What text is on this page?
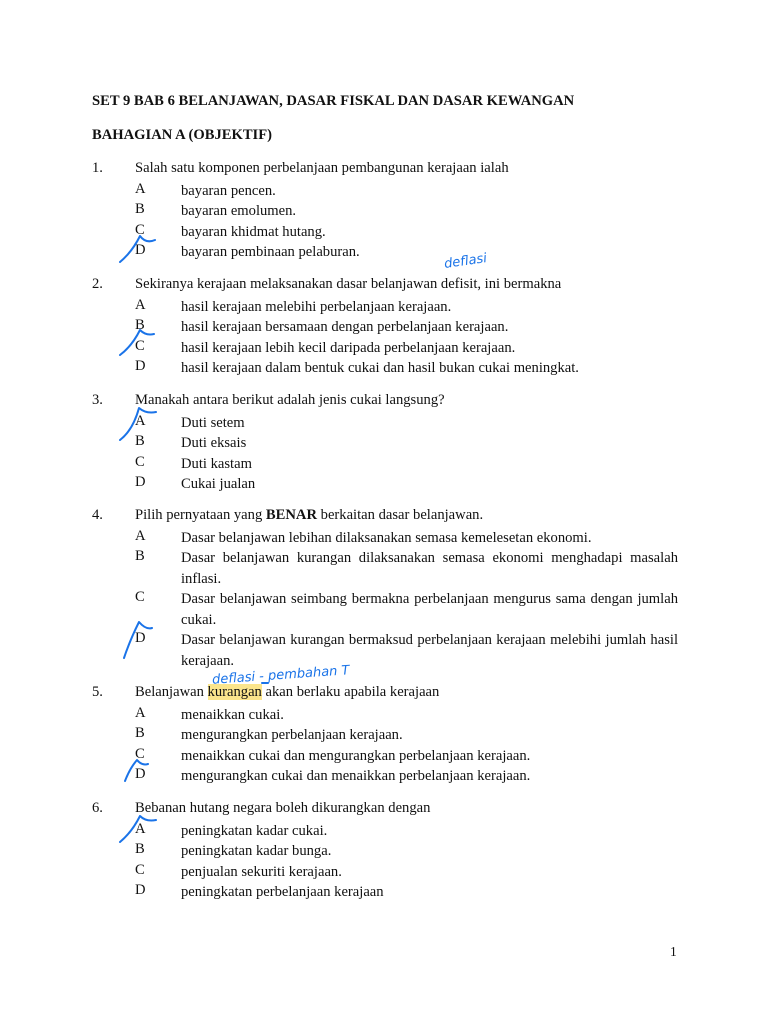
SET 9 BAB 6 BELANJAWAN, DASAR FISKAL DAN DASAR KEWANGAN
BAHAGIAN A (OBJEKTIF)
1. Salah satu komponen perbelanjaan pembangunan kerajaan ialah
A bayaran pencen.
B bayaran emolumen.
C bayaran khidmat hutang.
D bayaran pembinaan pelaburan.
2. Sekiranya kerajaan melaksanakan dasar belanjawan defisit, ini bermakna
A hasil kerajaan melebihi perbelanjaan kerajaan.
B hasil kerajaan bersamaan dengan perbelanjaan kerajaan.
C hasil kerajaan lebih kecil daripada perbelanjaan kerajaan.
D hasil kerajaan dalam bentuk cukai dan hasil bukan cukai meningkat.
3. Manakah antara berikut adalah jenis cukai langsung?
A Duti setem
B Duti eksais
C Duti kastam
D Cukai jualan
4. Pilih pernyataan yang BENAR berkaitan dasar belanjawan.
A Dasar belanjawan lebihan dilaksanakan semasa kemelesetan ekonomi.
B Dasar belanjawan kurangan dilaksanakan semasa ekonomi menghadapi masalah inflasi.
C Dasar belanjawan seimbang bermakna perbelanjaan mengurus sama dengan jumlah cukai.
D Dasar belanjawan kurangan bermaksud perbelanjaan kerajaan melebihi jumlah hasil kerajaan.
5. Belanjawan kurangan akan berlaku apabila kerajaan
A menaikkan cukai.
B mengurangkan perbelanjaan kerajaan.
C menaikkan cukai dan mengurangkan perbelanjaan kerajaan.
D mengurangkan cukai dan menaikkan perbelanjaan kerajaan.
6. Bebanan hutang negara boleh dikurangkan dengan
A peningkatan kadar cukai.
B peningkatan kadar bunga.
C penjualan sekuriti kerajaan.
D peningkatan perbelanjaan kerajaan
deflasi
deflasi - pembahan T
1
